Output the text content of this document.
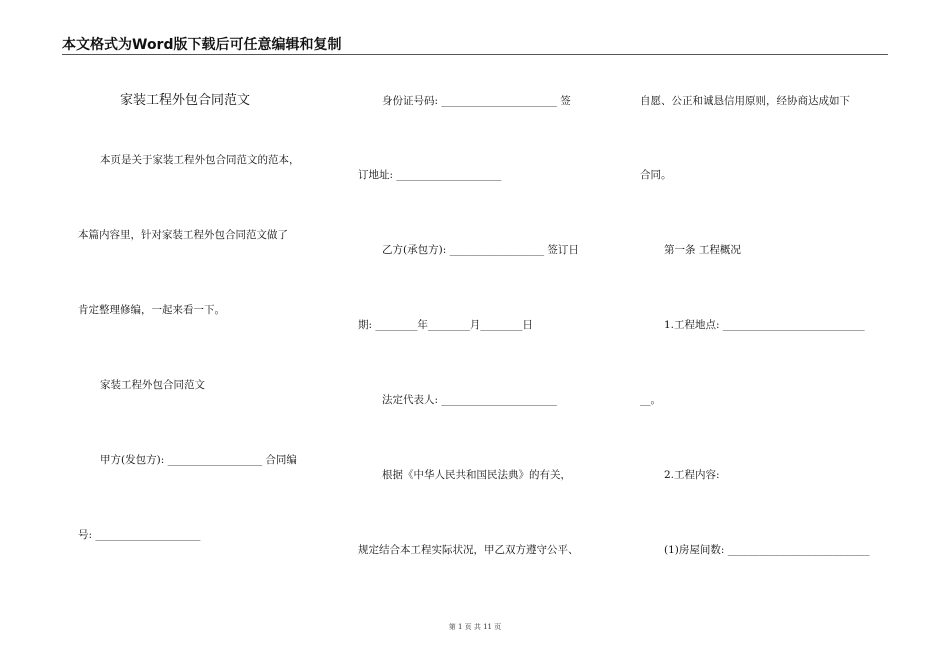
本文格式为Word版下载后可任意编辑和复制
家装工程外包合同范文
本页是关于家装工程外包合同范文的范本，
本篇内容里，针对家装工程外包合同范文做了
肯定整理修编，一起来看一下。
家装工程外包合同范文
甲方(发包方): __________________ 合同编
号: ____________________
身份证号码: ______________________ 签
订地址: ____________________
乙方(承包方): __________________ 签订日
期: ________年________月________日
法定代表人: ______________________
根据《中华人民共和国民法典》的有关，
规定结合本工程实际状况，甲乙双方遵守公平、
自愿、公正和诚恳信用原则，经协商达成如下
合同。
第一条 工程概况
1.工程地点: ___________________________
__。
2.工程内容:
(1)房屋间数: ___________________________
第 1 页 共 11 页
